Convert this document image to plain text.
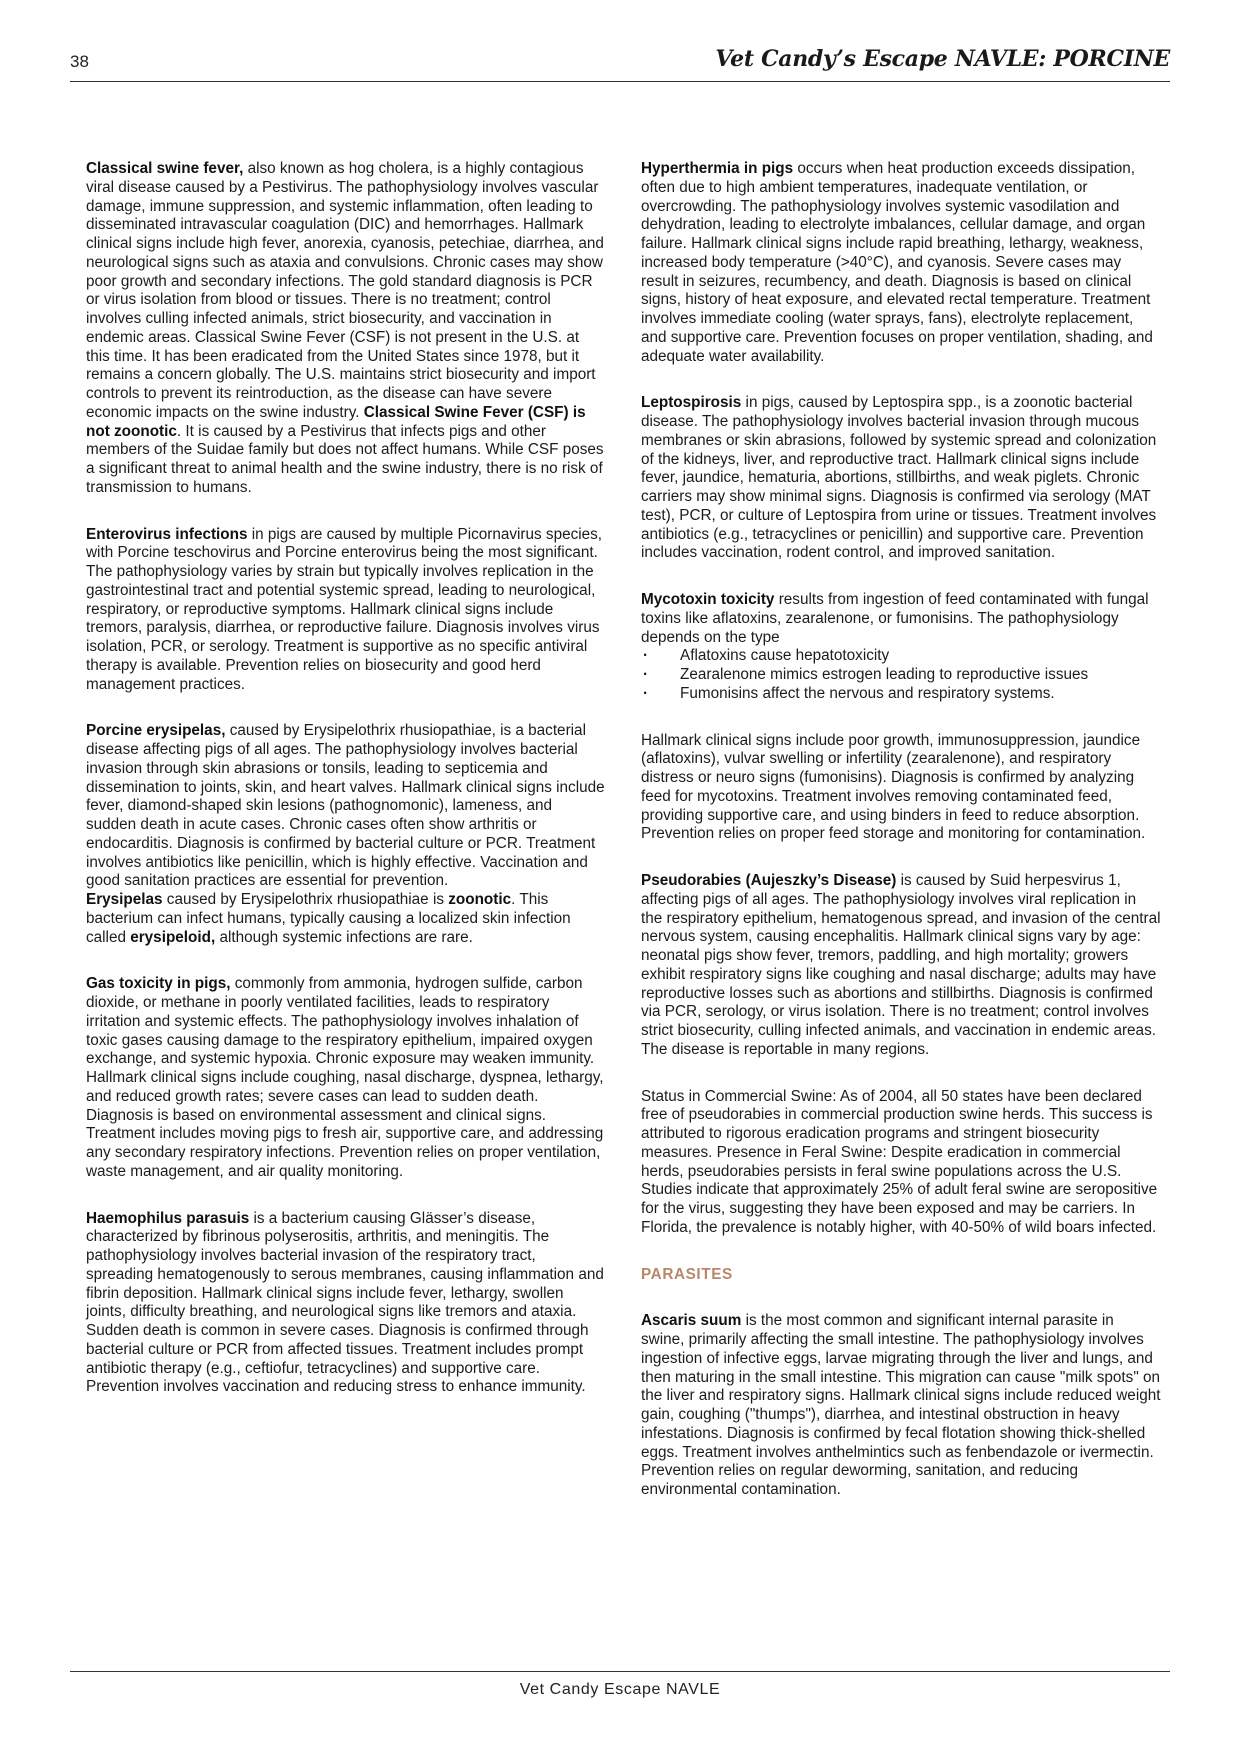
38	Vet Candy’s Escape NAVLE: PORCINE

Classical swine fever, also known as hog cholera, is a highly contagious viral disease caused by a Pestivirus. The pathophysiology involves vascular damage, immune suppression, and systemic inflammation, often leading to disseminated intravascular coagulation (DIC) and hemorrhages. Hallmark clinical signs include high fever, anorexia, cyanosis, petechiae, diarrhea, and neurological signs such as ataxia and convulsions. Chronic cases may show poor growth and secondary infections. The gold standard diagnosis is PCR or virus isolation from blood or tissues. There is no treatment; control involves culling infected animals, strict biosecurity, and vaccination in endemic areas. Classical Swine Fever (CSF) is not present in the U.S. at this time. It has been eradicated from the United States since 1978, but it remains a concern globally. The U.S. maintains strict biosecurity and import controls to prevent its reintroduction, as the disease can have severe economic impacts on the swine industry. Classical Swine Fever (CSF) is not zoonotic. It is caused by a Pestivirus that infects pigs and other members of the Suidae family but does not affect humans. While CSF poses a significant threat to animal health and the swine industry, there is no risk of transmission to humans.

Enterovirus infections in pigs are caused by multiple Picornavirus species, with Porcine teschovirus and Porcine enterovirus being the most significant. The pathophysiology varies by strain but typically involves replication in the gastrointestinal tract and potential systemic spread, leading to neurological, respiratory, or reproductive symptoms. Hallmark clinical signs include tremors, paralysis, diarrhea, or reproductive failure. Diagnosis involves virus isolation, PCR, or serology. Treatment is supportive as no specific antiviral therapy is available. Prevention relies on biosecurity and good herd management practices.

Porcine erysipelas, caused by Erysipelothrix rhusiopathiae, is a bacterial disease affecting pigs of all ages. The pathophysiology involves bacterial invasion through skin abrasions or tonsils, leading to septicemia and dissemination to joints, skin, and heart valves. Hallmark clinical signs include fever, diamond-shaped skin lesions (pathognomonic), lameness, and sudden death in acute cases. Chronic cases often show arthritis or endocarditis. Diagnosis is confirmed by bacterial culture or PCR. Treatment involves antibiotics like penicillin, which is highly effective. Vaccination and good sanitation practices are essential for prevention.
Erysipelas caused by Erysipelothrix rhusiopathiae is zoonotic. This bacterium can infect humans, typically causing a localized skin infection called erysipeloid, although systemic infections are rare.

Gas toxicity in pigs, commonly from ammonia, hydrogen sulfide, carbon dioxide, or methane in poorly ventilated facilities, leads to respiratory irritation and systemic effects. The pathophysiology involves inhalation of toxic gases causing damage to the respiratory epithelium, impaired oxygen exchange, and systemic hypoxia. Chronic exposure may weaken immunity. Hallmark clinical signs include coughing, nasal discharge, dyspnea, lethargy, and reduced growth rates; severe cases can lead to sudden death. Diagnosis is based on environmental assessment and clinical signs. Treatment includes moving pigs to fresh air, supportive care, and addressing any secondary respiratory infections. Prevention relies on proper ventilation, waste management, and air quality monitoring.

Haemophilus parasuis is a bacterium causing Glässer’s disease, characterized by fibrinous polyserositis, arthritis, and meningitis. The pathophysiology involves bacterial invasion of the respiratory tract, spreading hematogenously to serous membranes, causing inflammation and fibrin deposition. Hallmark clinical signs include fever, lethargy, swollen joints, difficulty breathing, and neurological signs like tremors and ataxia. Sudden death is common in severe cases. Diagnosis is confirmed through bacterial culture or PCR from affected tissues. Treatment includes prompt antibiotic therapy (e.g., ceftiofur, tetracyclines) and supportive care. Prevention involves vaccination and reducing stress to enhance immunity.

Hyperthermia in pigs occurs when heat production exceeds dissipation, often due to high ambient temperatures, inadequate ventilation, or overcrowding. The pathophysiology involves systemic vasodilation and dehydration, leading to electrolyte imbalances, cellular damage, and organ failure. Hallmark clinical signs include rapid breathing, lethargy, weakness, increased body temperature (>40°C), and cyanosis. Severe cases may result in seizures, recumbency, and death. Diagnosis is based on clinical signs, history of heat exposure, and elevated rectal temperature. Treatment involves immediate cooling (water sprays, fans), electrolyte replacement, and supportive care. Prevention focuses on proper ventilation, shading, and adequate water availability.

Leptospirosis in pigs, caused by Leptospira spp., is a zoonotic bacterial disease. The pathophysiology involves bacterial invasion through mucous membranes or skin abrasions, followed by systemic spread and colonization of the kidneys, liver, and reproductive tract. Hallmark clinical signs include fever, jaundice, hematuria, abortions, stillbirths, and weak piglets. Chronic carriers may show minimal signs. Diagnosis is confirmed via serology (MAT test), PCR, or culture of Leptospira from urine or tissues. Treatment involves antibiotics (e.g., tetracyclines or penicillin) and supportive care. Prevention includes vaccination, rodent control, and improved sanitation.

Mycotoxin toxicity results from ingestion of feed contaminated with fungal toxins like aflatoxins, zearalenone, or fumonisins. The pathophysiology depends on the type

· Aflatoxins cause hepatotoxicity
· Zearalenone mimics estrogen leading to reproductive issues
· Fumonisins affect the nervous and respiratory systems.

Hallmark clinical signs include poor growth, immunosuppression, jaundice (aflatoxins), vulvar swelling or infertility (zearalenone), and respiratory distress or neuro signs (fumonisins). Diagnosis is confirmed by analyzing feed for mycotoxins. Treatment involves removing contaminated feed, providing supportive care, and using binders in feed to reduce absorption. Prevention relies on proper feed storage and monitoring for contamination.

Pseudorabies (Aujeszky’s Disease) is caused by Suid herpesvirus 1, affecting pigs of all ages. The pathophysiology involves viral replication in the respiratory epithelium, hematogenous spread, and invasion of the central nervous system, causing encephalitis. Hallmark clinical signs vary by age: neonatal pigs show fever, tremors, paddling, and high mortality; growers exhibit respiratory signs like coughing and nasal discharge; adults may have reproductive losses such as abortions and stillbirths. Diagnosis is confirmed via PCR, serology, or virus isolation. There is no treatment; control involves strict biosecurity, culling infected animals, and vaccination in endemic areas. The disease is reportable in many regions.

Status in Commercial Swine: As of 2004, all 50 states have been declared free of pseudorabies in commercial production swine herds. This success is attributed to rigorous eradication programs and stringent biosecurity measures. Presence in Feral Swine: Despite eradication in commercial herds, pseudorabies persists in feral swine populations across the U.S. Studies indicate that approximately 25% of adult feral swine are seropositive for the virus, suggesting they have been exposed and may be carriers. In Florida, the prevalence is notably higher, with 40-50% of wild boars infected.

PARASITES

Ascaris suum is the most common and significant internal parasite in swine, primarily affecting the small intestine. The pathophysiology involves ingestion of infective eggs, larvae migrating through the liver and lungs, and then maturing in the small intestine. This migration can cause "milk spots" on the liver and respiratory signs. Hallmark clinical signs include reduced weight gain, coughing ("thumps"), diarrhea, and intestinal obstruction in heavy infestations. Diagnosis is confirmed by fecal flotation showing thick-shelled eggs. Treatment involves anthelmintics such as fenbendazole or ivermectin. Prevention relies on regular deworming, sanitation, and reducing environmental contamination.

Vet Candy Escape NAVLE
